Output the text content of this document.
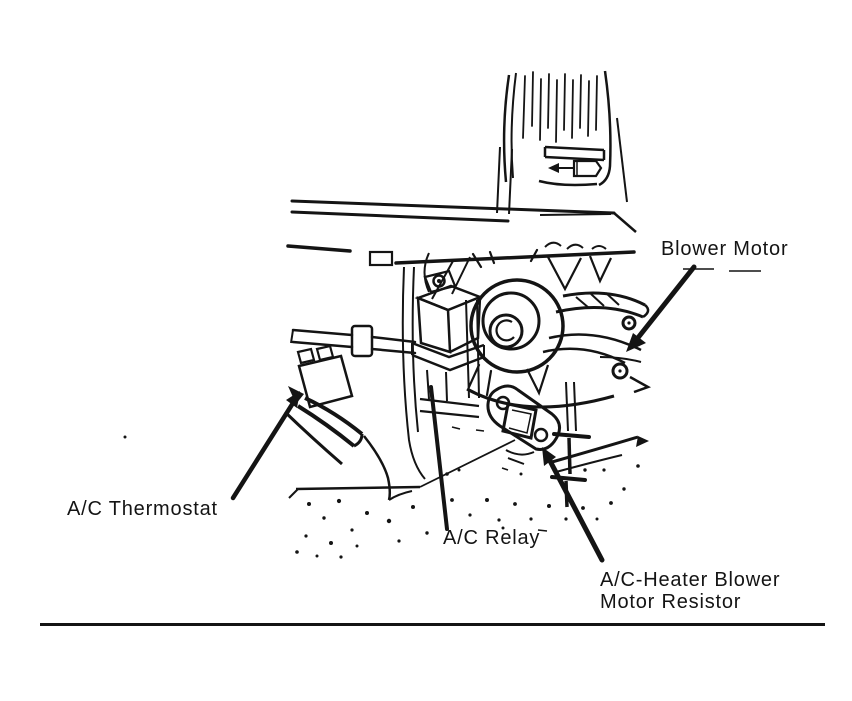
Blower Motor
A/C Thermostat
A/C Relay
A/C-Heater Blower
Motor Resistor
